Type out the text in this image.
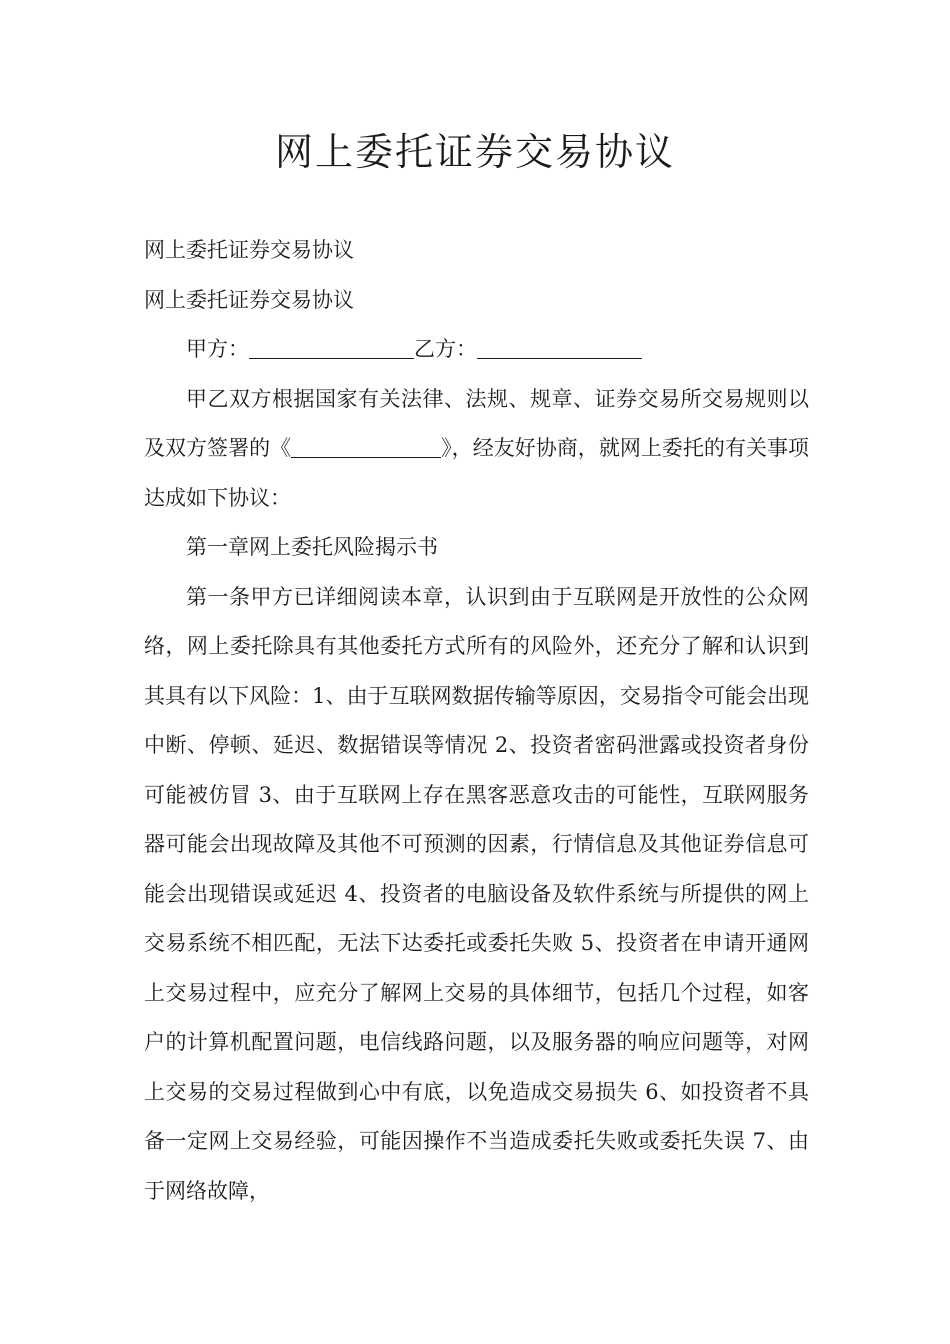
网上委托证券交易协议

网上委托证券交易协议

网上委托证券交易协议

甲方：	乙方：

甲乙双方根据国家有关法律、法规、规章、证券交易所交易规则以及双方签署的《	》，经友好协商，就网上委托的有关事项达成如下协议：

第一章网上委托风险揭示书

第一条甲方已详细阅读本章，认识到由于互联网是开放性的公众网络，网上委托除具有其他委托方式所有的风险外，还充分了解和认识到其具有以下风险：1、由于互联网数据传输等原因，交易指令可能会出现中断、停顿、延迟、数据错误等情况 2、投资者密码泄露或投资者身份可能被仿冒 3、由于互联网上存在黑客恶意攻击的可能性，互联网服务器可能会出现故障及其他不可预测的因素，行情信息及其他证券信息可能会出现错误或延迟 4、投资者的电脑设备及软件系统与所提供的网上交易系统不相匹配，无法下达委托或委托失败 5、投资者在申请开通网上交易过程中，应充分了解网上交易的具体细节，包括几个过程，如客户的计算机配置问题，电信线路问题，以及服务器的响应问题等，对网上交易的交易过程做到心中有底，以免造成交易损失 6、如投资者不具备一定网上交易经验，可能因操作不当造成委托失败或委托失误 7、由于网络故障，
